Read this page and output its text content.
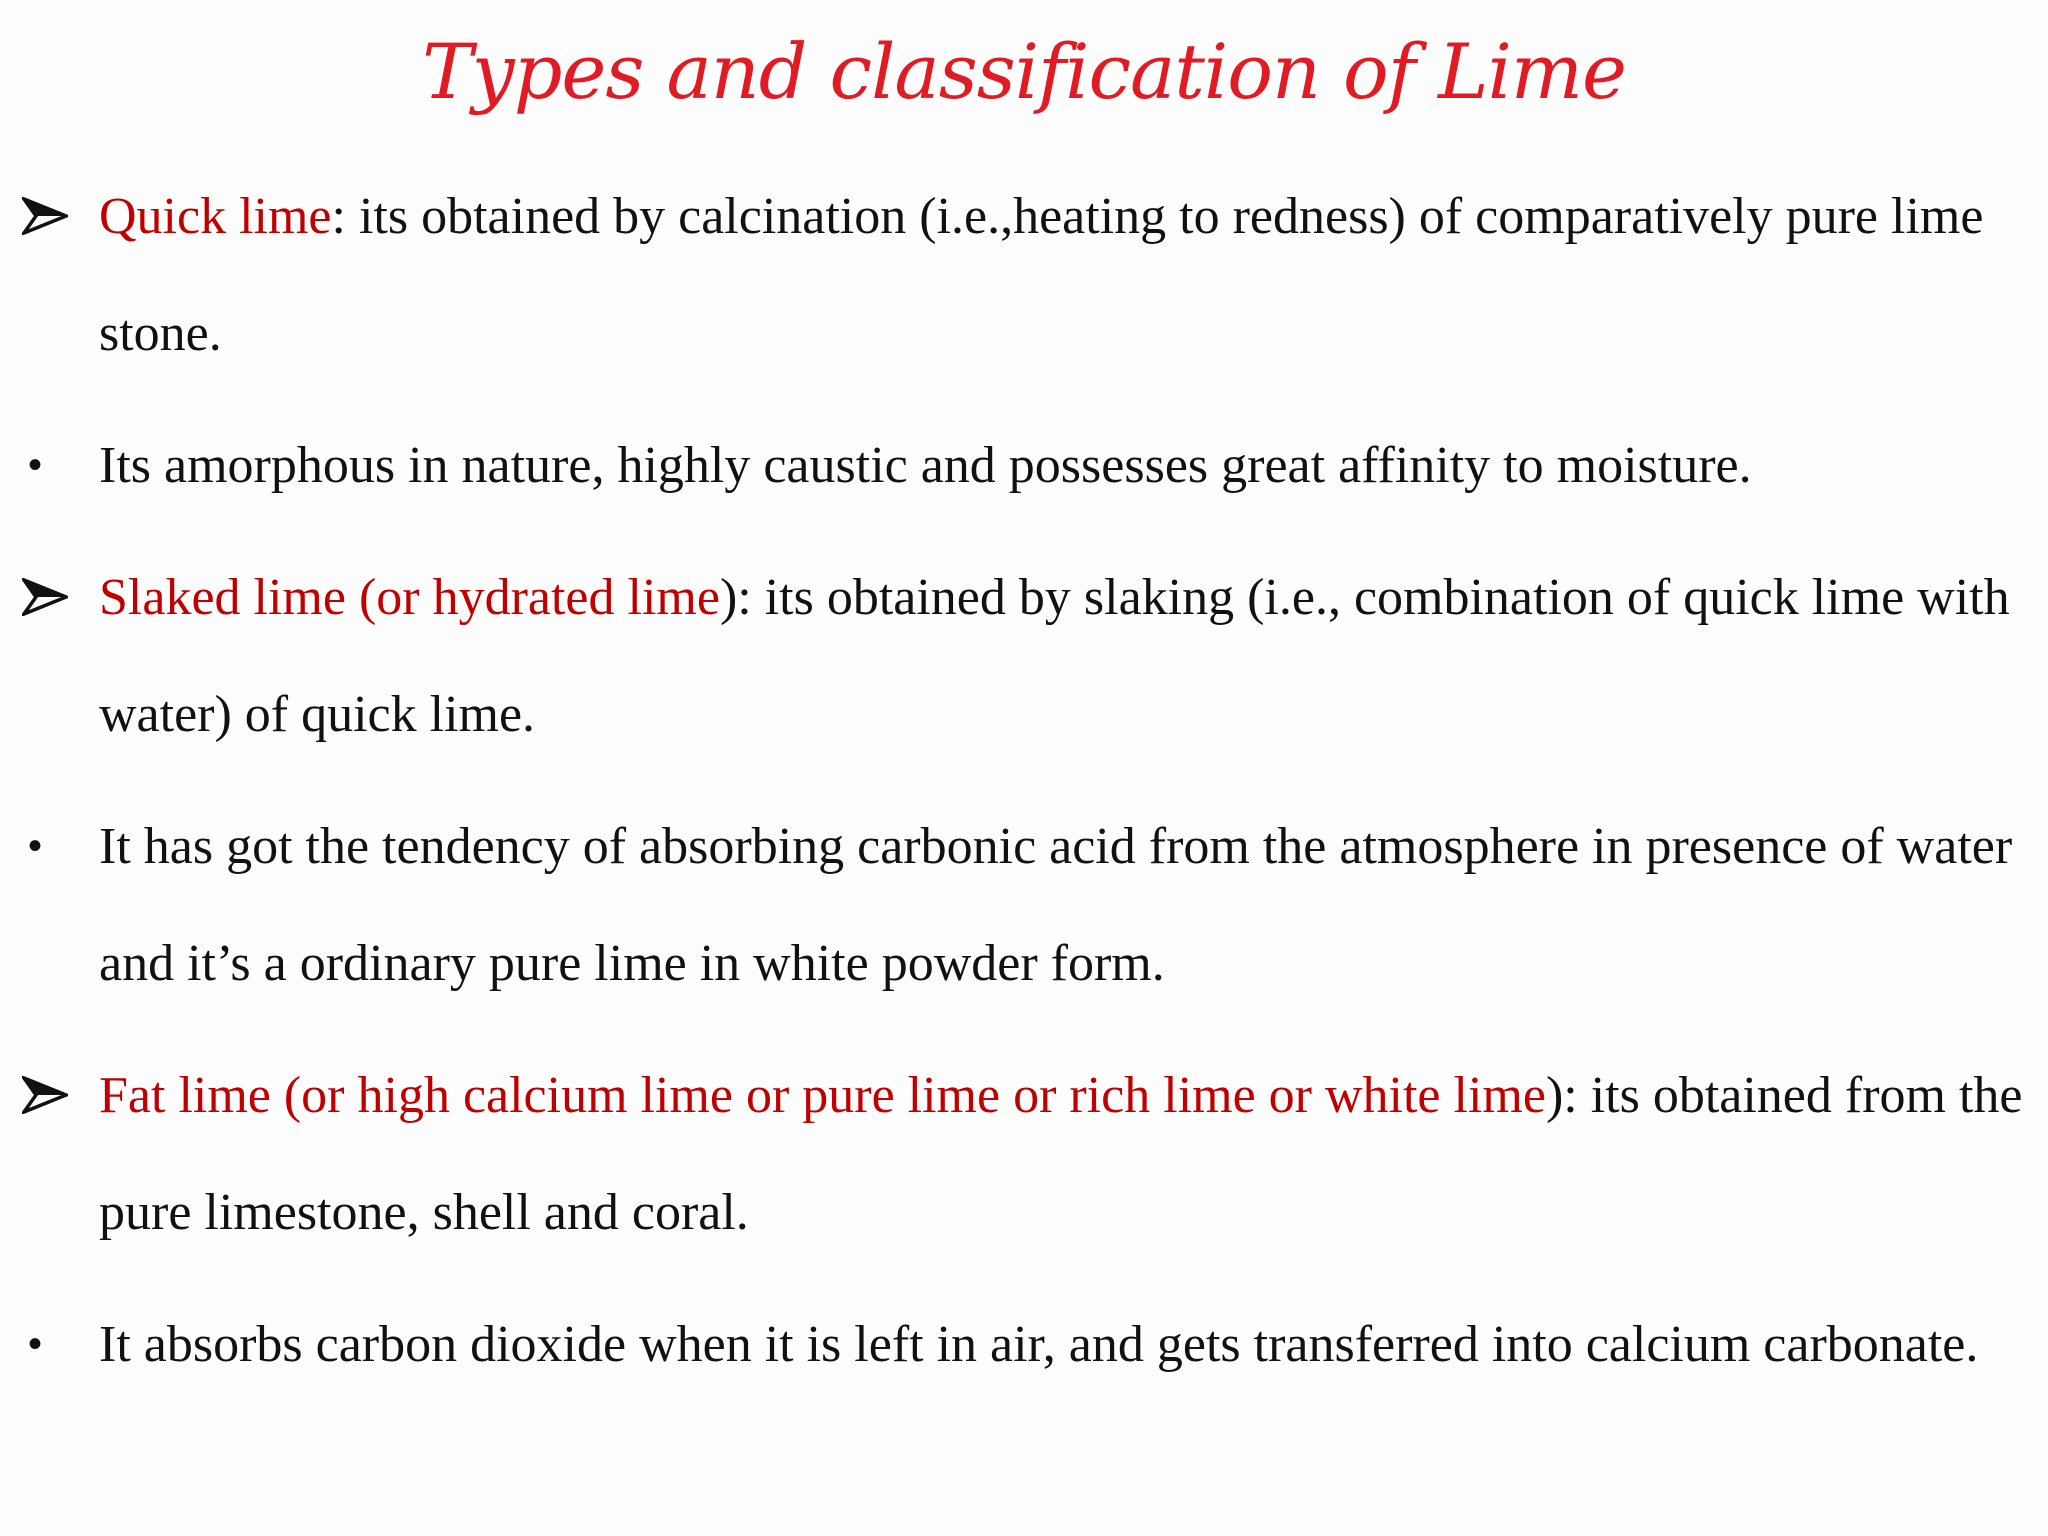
Types and classification of Lime

Quick lime: its obtained by calcination (i.e.,heating to redness) of comparatively pure lime stone.

•	Its amorphous in nature, highly caustic and possesses great affinity to moisture.

Slaked lime (or hydrated lime): its obtained by slaking (i.e., combination of quick lime with water) of quick lime.

•	It has got the tendency of absorbing carbonic acid from the atmosphere in presence of water and it’s a ordinary pure lime in white powder form.

Fat lime (or high calcium lime or pure lime or rich lime or white lime): its obtained from the pure limestone, shell and coral.

•	It absorbs carbon dioxide when it is left in air, and gets transferred into calcium carbonate.
